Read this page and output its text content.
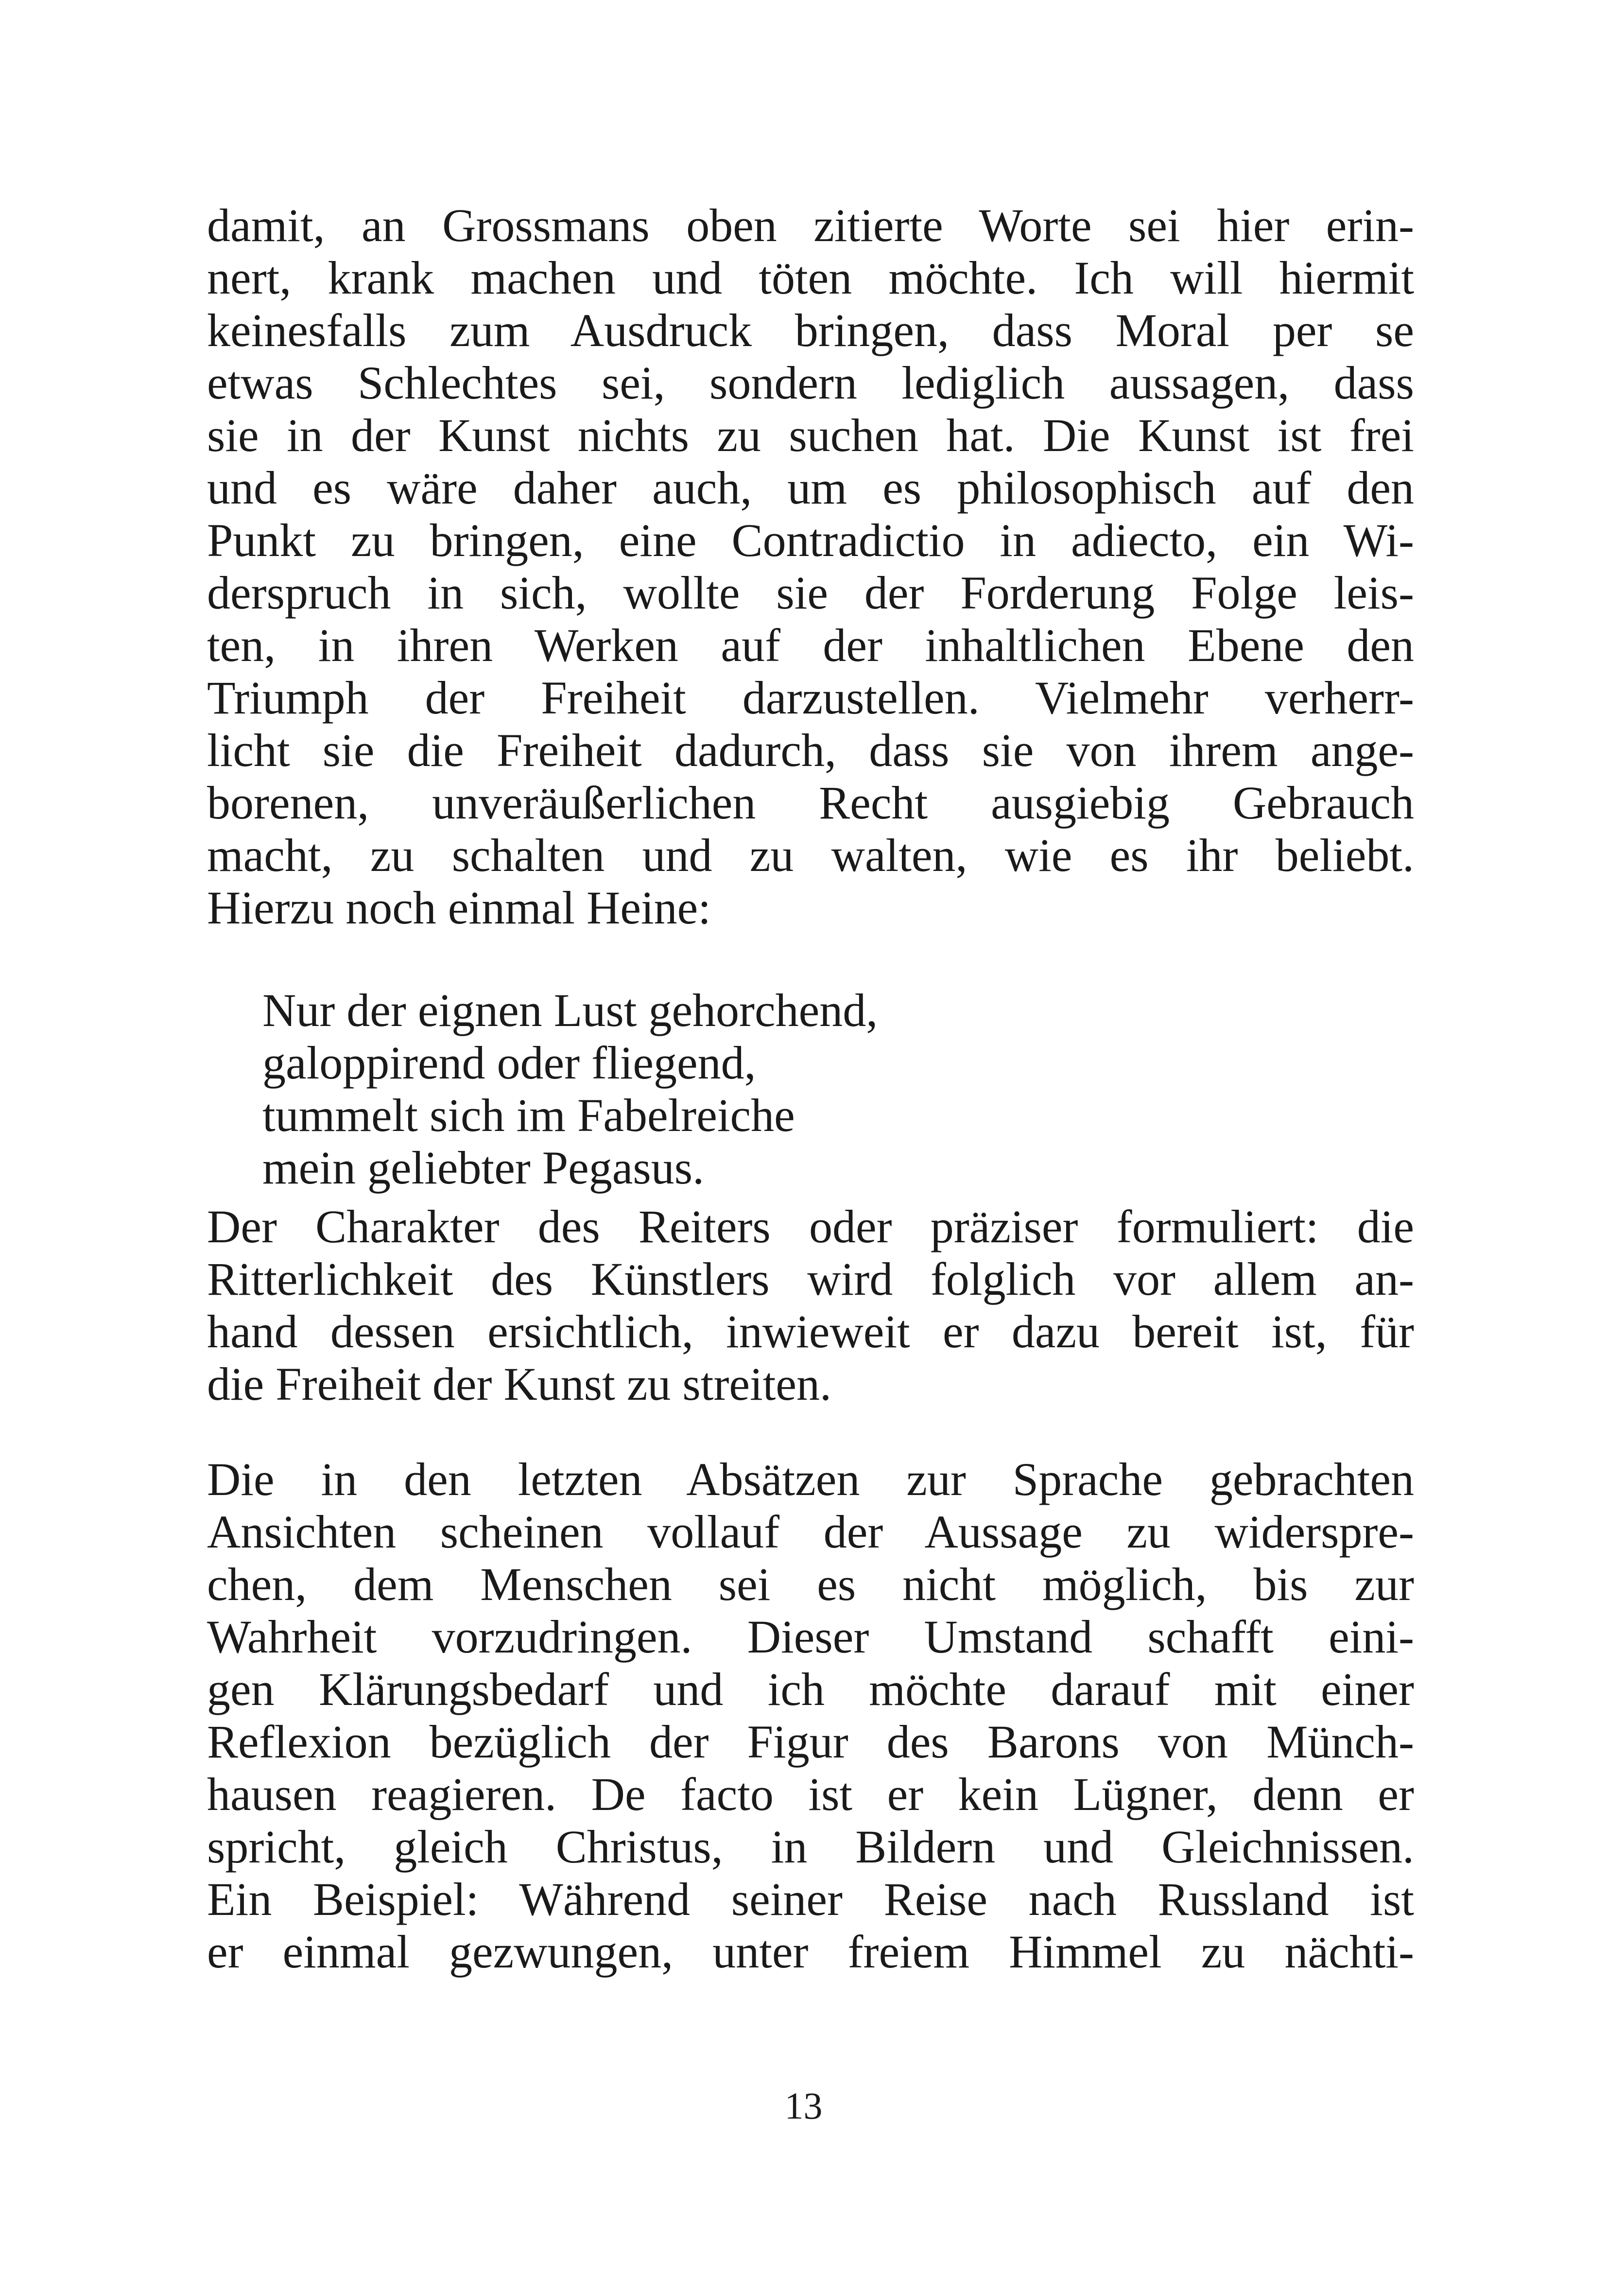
damit, an Grossmans oben zitierte Worte sei hier erin-
nert, krank machen und töten möchte. Ich will hiermit
keinesfalls zum Ausdruck bringen, dass Moral per se
etwas Schlechtes sei, sondern lediglich aussagen, dass
sie in der Kunst nichts zu suchen hat. Die Kunst ist frei
und es wäre daher auch, um es philosophisch auf den
Punkt zu bringen, eine Contradictio in adiecto, ein Wi-
derspruch in sich, wollte sie der Forderung Folge leis-
ten, in ihren Werken auf der inhaltlichen Ebene den
Triumph der Freiheit darzustellen. Vielmehr verherr-
licht sie die Freiheit dadurch, dass sie von ihrem ange-
borenen, unveräußerlichen Recht ausgiebig Gebrauch
macht, zu schalten und zu walten, wie es ihr beliebt.
Hierzu noch einmal Heine:
Nur der eignen Lust gehorchend,
galoppirend oder fliegend,
tummelt sich im Fabelreiche
mein geliebter Pegasus.
Der Charakter des Reiters oder präziser formuliert: die
Ritterlichkeit des Künstlers wird folglich vor allem an-
hand dessen ersichtlich, inwieweit er dazu bereit ist, für
die Freiheit der Kunst zu streiten.
Die in den letzten Absätzen zur Sprache gebrachten
Ansichten scheinen vollauf der Aussage zu widersprе-
chen, dem Menschen sei es nicht möglich, bis zur
Wahrheit vorzudringen. Dieser Umstand schafft eini-
gen Klärungsbedarf und ich möchte darauf mit einer
Reflexion bezüglich der Figur des Barons von Münch-
hausen reagieren. De facto ist er kein Lügner, denn er
spricht, gleich Christus, in Bildern und Gleichnissen.
Ein Beispiel: Während seiner Reise nach Russland ist
er einmal gezwungen, unter freiem Himmel zu nächti-
13
